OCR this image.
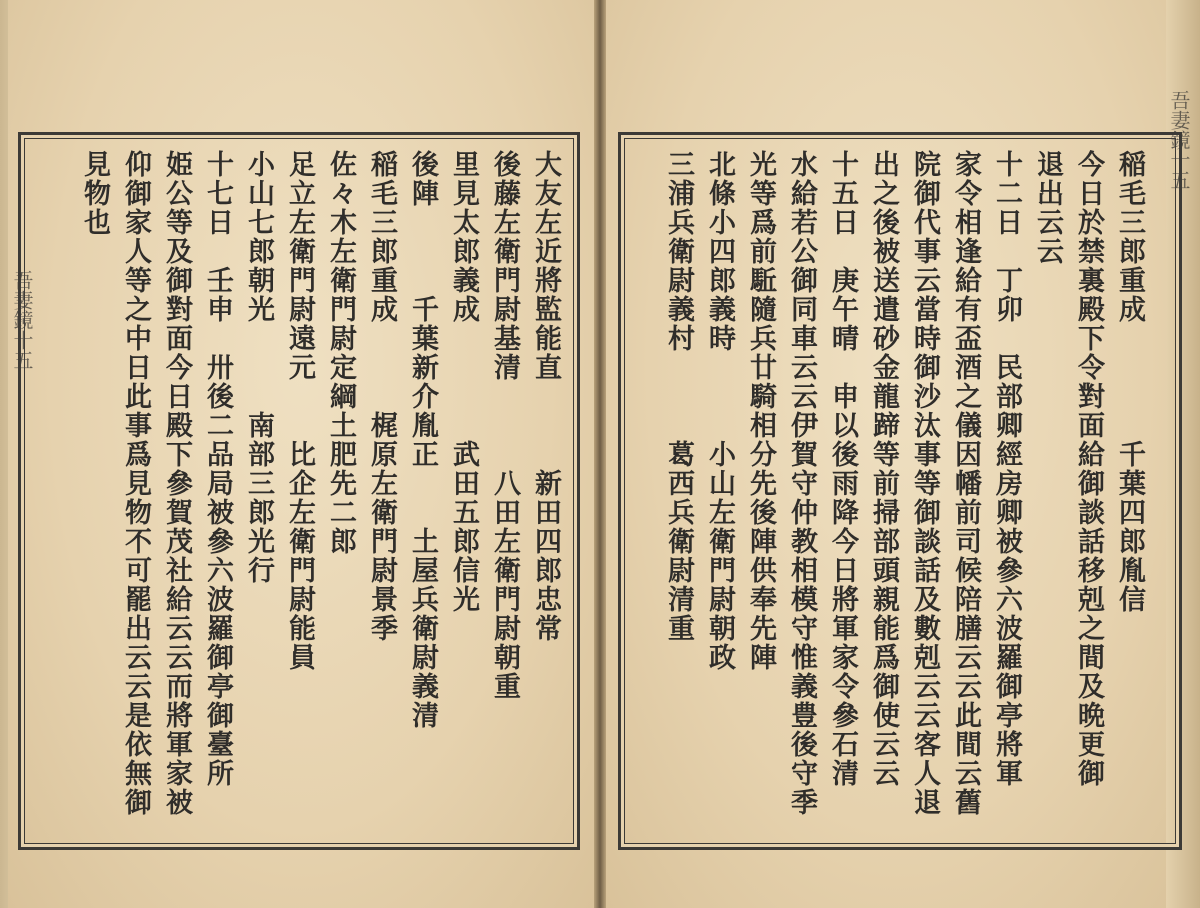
吾妻鏡十五
吾妻鏡十五
稲毛三郎重成　　　　千葉四郎胤信
今日於禁裏殿下令對面給御談話移剋之間及晩更御
退出云云
十二日　丁卯　民部卿經房卿被參六波羅御亭將軍
家令相逢給有盃酒之儀因幡前司候陪膳云云此間云舊
院御代事云當時御沙汰事等御談話及數剋云云客人退
出之後被送遣砂金龍蹄等前掃部頭親能爲御使云云
十五日　庚午晴　申以後雨降今日將軍家令參石清
水給若公御同車云云伊賀守仲教相模守惟義豊後守季
光等爲前駈隨兵廿騎相分先後陣供奉先陣
北條小四郎義時　　　小山左衛門尉朝政
三浦兵衛尉義村　　　葛西兵衛尉清重
大友左近將監能直　　　新田四郎忠常
後藤左衛門尉基清　　　八田左衛門尉朝重
里見太郎義成　　　　武田五郎信光
後陣　　　千葉新介胤正　　土屋兵衛尉義清
稲毛三郎重成　　　梶原左衛門尉景季
佐々木左衛門尉定綱土肥先二郎
足立左衛門尉遠元　　比企左衛門尉能員
小山七郎朝光　　　南部三郎光行
十七日　壬申　卅後二品局被參六波羅御亭御臺所
姫公等及御對面今日殿下參賀茂社給云云而將軍家被
仰御家人等之中日此事爲見物不可罷出云云是依無御
見物也
